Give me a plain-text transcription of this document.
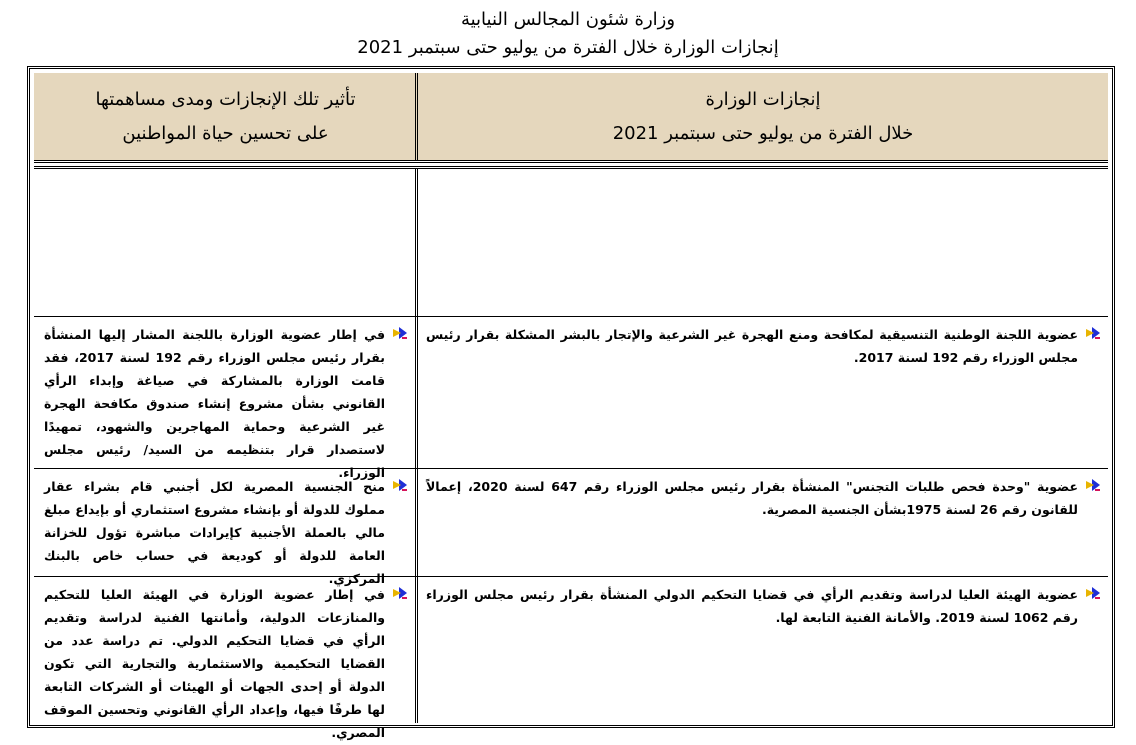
وزارة شئون المجالس النيابية
إنجازات الوزارة خلال الفترة من يوليو حتى سبتمبر 2021
إنجازات الوزارة
خلال الفترة من يوليو حتى سبتمبر 2021
تأثير تلك الإنجازات ومدى مساهمتها
على تحسين حياة المواطنين
عضوية اللجنة الوطنية التنسيقية لمكافحة ومنع الهجرة غير الشرعية والإتجار بالبشر المشكلة بقرار رئيس مجلس الوزراء رقم 192 لسنة 2017.
في إطار عضوية الوزارة باللجنة المشار إليها المنشأة بقرار رئيس مجلس الوزراء رقم 192 لسنة 2017، فقد قامت الوزارة بالمشاركة في صياغة وإبداء الرأي القانوني بشأن مشروع إنشاء صندوق مكافحة الهجرة غير الشرعية وحماية المهاجرين والشهود، تمهيدًا لاستصدار قرار بتنظيمه من السيد/ رئيس مجلس الوزراء.
عضوية "وحدة فحص طلبات التجنس" المنشأة بقرار رئيس مجلس الوزراء رقم 647 لسنة 2020، إعمالاً للقانون رقم 26 لسنة 1975بشأن الجنسية المصرية.
منح الجنسية المصرية لكل أجنبي قام بشراء عقار مملوك للدولة أو بإنشاء مشروع استثماري أو بإيداع مبلغ مالي بالعملة الأجنبية كإيرادات مباشرة تؤول للخزانة العامة للدولة أو كوديعة في حساب خاص بالبنك المركزي.
عضوية الهيئة العليا لدراسة وتقديم الرأي في قضايا التحكيم الدولي المنشأة بقرار رئيس مجلس الوزراء رقم 1062 لسنة 2019. والأمانة الفنية التابعة لها.
في إطار عضوية الوزارة في الهيئة العليا للتحكيم والمنازعات الدولية، وأمانتها الفنية لدراسة وتقديم الرأي في قضايا التحكيم الدولي. تم دراسة عدد من القضايا التحكيمية والاستثمارية والتجارية التي تكون الدولة أو إحدى الجهات أو الهيئات أو الشركات التابعة لها طرفًا فيها، وإعداد الرأي القانوني وتحسين الموقف المصري.
